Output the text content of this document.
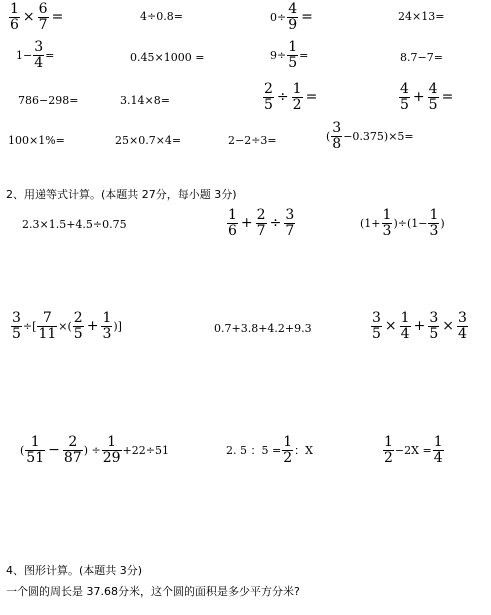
$\frac{1}{6} \times \frac{6}{7}$ =	4÷0.8=	$0\div \frac{4}{9}$ =	24×13=
$1- \frac{3}{4}$ =	0.45×1000 =	$9\div \frac{1}{5}$ =	8.7−7=
786−298=	3.14×8=	$\frac{2}{5} \div \frac{1}{2}$ =	$\frac{4}{5} + \frac{4}{5}$ =
100×1%=	25×0.7×4=	2−2÷3=	( $\frac{3}{8} -0.375)\times 5=$
2、用递等式计算。(本题共 27分，每小题 3分)
2.3×1.5+4.5÷0.75	$\frac{1}{6} + \frac{2}{7} \div \frac{3}{7}$	$(1+ \frac{1}{3} )\div(1- \frac{1}{3}$ )
$\frac{3}{5}$ ÷[ $\frac{7}{11}$ ×( $\frac{2}{5} + \frac{1}{3}$ )]	0.7+3.8+4.2+9.3	$\frac{3}{5} \times \frac{1}{4} + \frac{3}{5} \times \frac{3}{4}$
( $\frac{1}{51} - \frac{2}{87}$ ) ÷ $\frac{1}{29} +22\div 51$	2. 5 ：$5 = \frac{1}{2}$ ：X	$\frac{1}{2} -2X = \frac{1}{4}$
4、图形计算。(本题共 3分)
一个圆的周长是 37.68分米，这个圆的面积是多少平方分米?
